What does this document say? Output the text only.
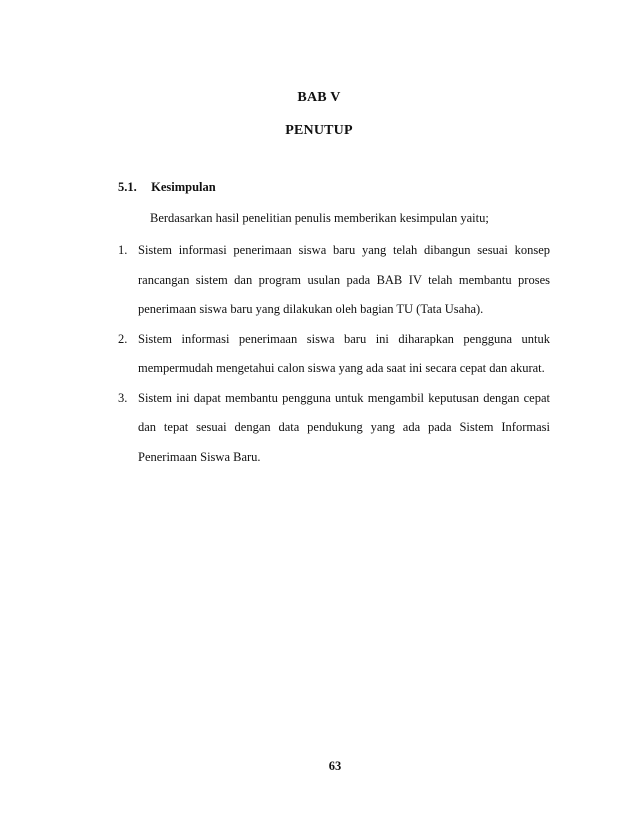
BAB V
PENUTUP
5.1. Kesimpulan
Berdasarkan hasil penelitian penulis memberikan kesimpulan yaitu;
1. Sistem informasi penerimaan siswa baru yang telah dibangun sesuai konsep rancangan sistem dan program usulan pada BAB IV telah membantu proses penerimaan siswa baru yang dilakukan oleh bagian TU (Tata Usaha).
2. Sistem informasi penerimaan siswa baru ini diharapkan pengguna untuk mempermudah mengetahui calon siswa yang ada saat ini secara cepat dan akurat.
3. Sistem ini dapat membantu pengguna untuk mengambil keputusan dengan cepat dan tepat sesuai dengan data pendukung yang ada pada Sistem Informasi Penerimaan Siswa Baru.
63
